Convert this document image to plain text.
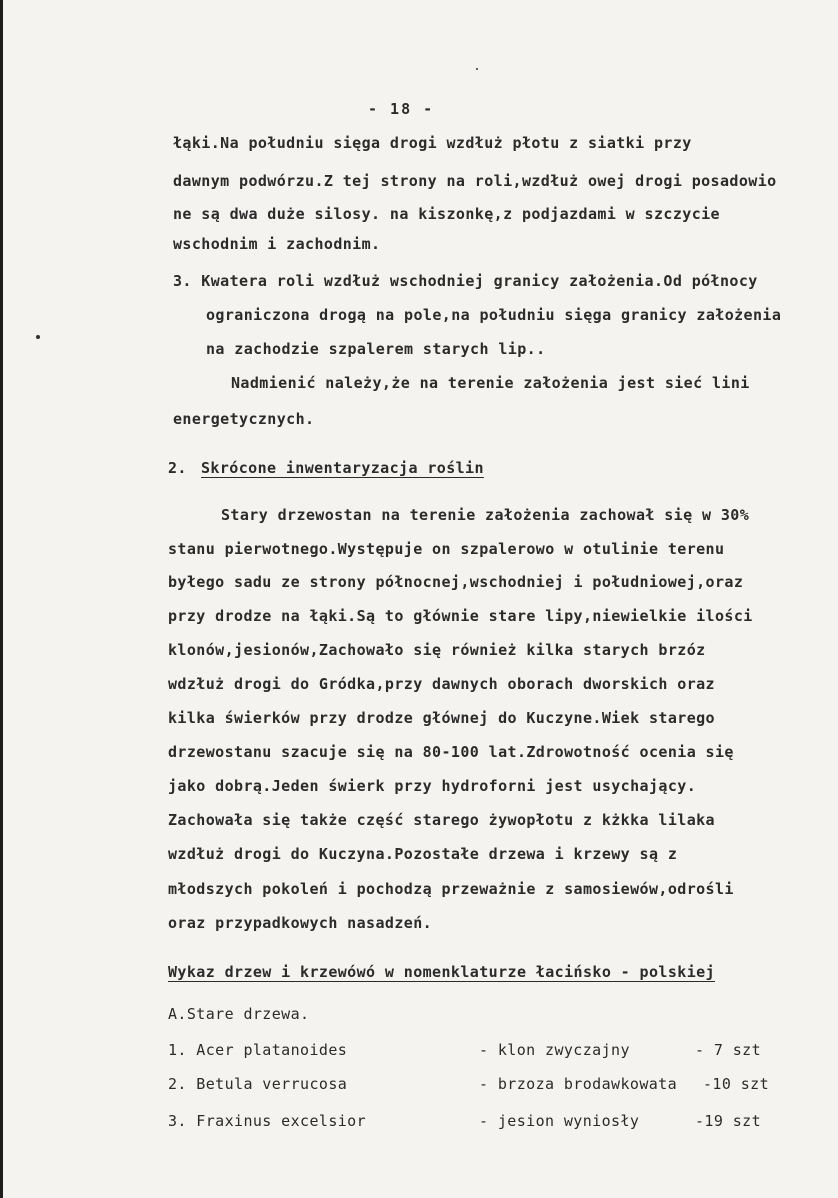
- 18 -
łąki.Na południu sięga drogi wzdłuż płotu z siatki przy
dawnym podwórzu.Z tej strony na roli,wzdłuż owej drogi posadowio
ne są dwa duże silosy. na kiszonkę,z podjazdami w szczycie
wschodnim i zachodnim.
3. Kwatera roli wzdłuż wschodniej granicy założenia.Od północy
ograniczona drogą na pole,na południu sięga granicy założenia
na zachodzie szpalerem starych lip..
Nadmienić należy,że na terenie założenia jest sieć lini
energetycznych.
2. Skrócone inwentaryzacja roślin
Stary drzewostan na terenie założenia zachował się w 30%
stanu pierwotnego.Występuje on szpalerowo w otulinie terenu
byłego sadu ze strony północnej,wschodniej i południowej,oraz
przy drodze na łąki.Są to głównie stare lipy,niewielkie ilości
klonów,jesionów,Zachowało się również kilka starych brzóz
wdzłuż drogi do Gródka,przy dawnych oborach dworskich oraz
kilka świerków przy drodze głównej do Kuczyne.Wiek starego
drzewostanu szacuje się na 80-100 lat.Zdrowotność ocenia się
jako dobrą.Jeden świerk przy hydroforni jest usychający.
Zachowała się także część starego żywopłotu z kżkka lilaka
wzdłuż drogi do Kuczyna.Pozostałe drzewa i krzewy są z
młodszych pokoleń i pochodzą przeważnie z samosiewów,odrośli
oraz przypadkowych nasadzeń.
Wykaz drzew i krzewówó w nomenklaturze łacińsko - polskiej
A.Stare drzewa.
1. Acer platanoides	- klon zwyczajny	- 7 szt
2. Betula verrucosa	- brzoza brodawkowata -10 szt
3. Fraxinus excelsior	- jesion wyniosły	-19 szt
